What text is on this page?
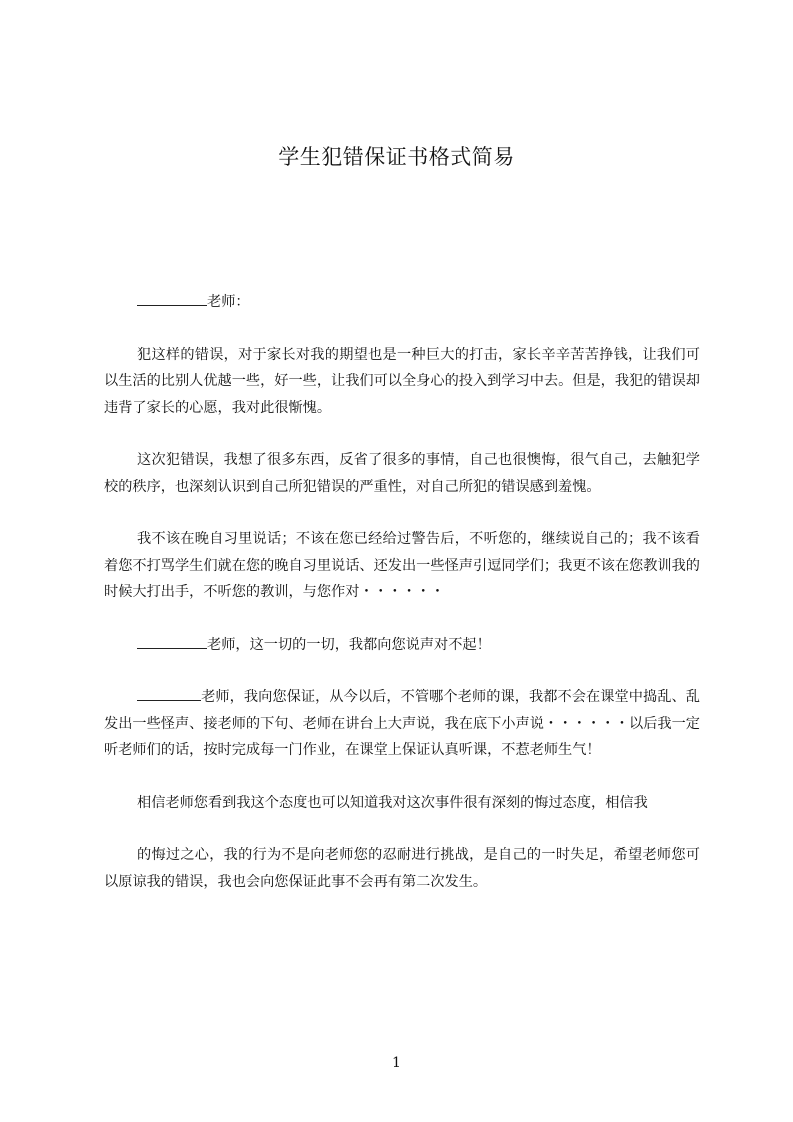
学生犯错保证书格式简易

老师：

犯这样的错误，对于家长对我的期望也是一种巨大的打击，家长辛辛苦苦挣钱，让我们可以生活的比别人优越一些，好一些，让我们可以全身心的投入到学习中去。但是，我犯的错误却违背了家长的心愿，我对此很惭愧。

这次犯错误，我想了很多东西，反省了很多的事情，自己也很懊悔，很气自己，去触犯学校的秩序，也深刻认识到自己所犯错误的严重性，对自己所犯的错误感到羞愧。

我不该在晚自习里说话；不该在您已经给过警告后，不听您的，继续说自己的；我不该看着您不打骂学生们就在您的晚自习里说话、还发出一些怪声引逗同学们；我更不该在您教训我的时候大打出手，不听您的教训，与您作对・・・・・・

老师，这一切的一切，我都向您说声对不起！

老师，我向您保证，从今以后，不管哪个老师的课，我都不会在课堂中捣乱、乱发出一些怪声、接老师的下句、老师在讲台上大声说，我在底下小声说・・・・・・以后我一定听老师们的话，按时完成每一门作业，在课堂上保证认真听课，不惹老师生气！

相信老师您看到我这个态度也可以知道我对这次事件很有深刻的悔过态度，相信我

的悔过之心，我的行为不是向老师您的忍耐进行挑战，是自己的一时失足，希望老师您可以原谅我的错误，我也会向您保证此事不会再有第二次发生。

1
